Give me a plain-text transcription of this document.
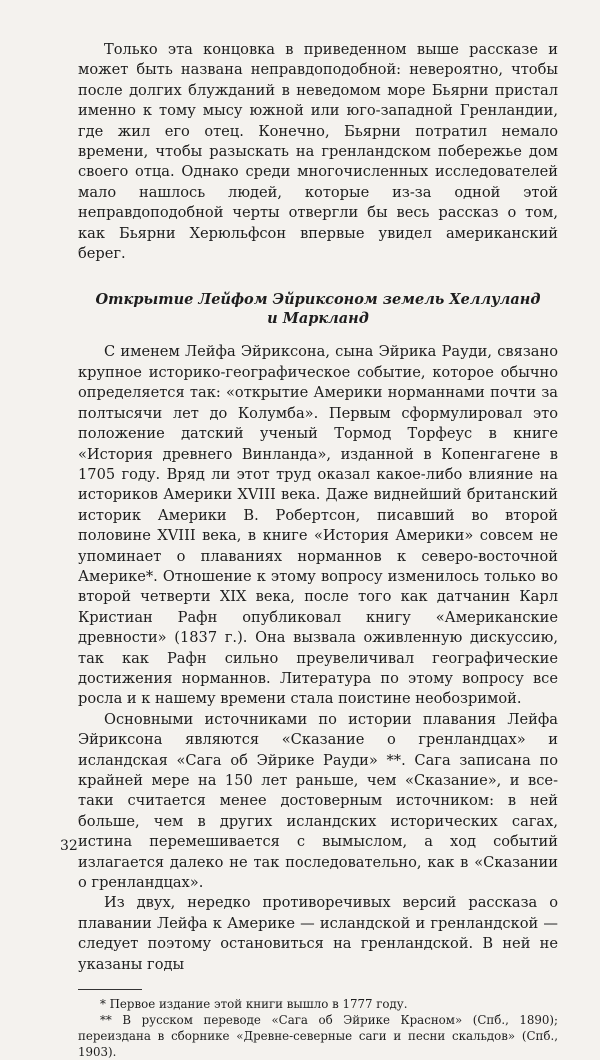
Только эта концовка в приведенном выше рассказе и может быть названа неправдоподобной: невероятно, чтобы после долгих блужданий в неведомом море Бьярни пристал именно к тому мысу южной или юго-западной Гренландии, где жил его отец. Конечно, Бьярни потратил немало времени, чтобы разыскать на гренландском побережье дом своего отца. Однако среди многочисленных исследователей мало нашлось людей, которые из-за одной этой неправдоподобной черты отвергли бы весь рассказ о том, как Бьярни Херюльфсон впервые увидел американский берег.

Открытие Лейфом Эйриксоном земель Хеллуланд и Маркланд

С именем Лейфа Эйриксона, сына Эйрика Рауди, связано крупное историко-географическое событие, которое обычно определяется так: «открытие Америки норманнами почти за полтысячи лет до Колумба». Первым сформулировал это положение датский ученый Тормод Торфеус в книге «История древнего Винланда», изданной в Копенгагене в 1705 году. Вряд ли этот труд оказал какое-либо влияние на историков Америки XVIII века. Даже виднейший британский историк Америки В. Робертсон, писавший во второй половине XVIII века, в книге «История Америки» совсем не упоминает о плаваниях норманнов к северо-восточной Америке*. Отношение к этому вопросу изменилось только во второй четверти XIX века, после того как датчанин Карл Кристиан Рафн опубликовал книгу «Американские древности» (1837 г.). Она вызвала оживленную дискуссию, так как Рафн сильно преувеличивал географические достижения норманнов. Литература по этому вопросу все росла и к нашему времени стала поистине необозримой.

Основными источниками по истории плавания Лейфа Эйриксона являются «Сказание о гренландцах» и исландская «Сага об Эйрике Рауди» **. Сага записана по крайней мере на 150 лет раньше, чем «Сказание», и все-таки считается менее достоверным источником: в ней больше, чем в других исландских исторических сагах, истина перемешивается с вымыслом, а ход событий излагается далеко не так последовательно, как в «Сказании о гренландцах».

Из двух, нередко противоречивых версий рассказа о плавании Лейфа к Америке — исландской и гренландской — следует поэтому остановиться на гренландской. В ней не указаны годы

* Первое издание этой книги вышло в 1777 году.

** В русском переводе «Сага об Эйрике Красном» (Спб., 1890); переиздана в сборнике «Древне-северные саги и песни скальдов» (Спб., 1903).

32
